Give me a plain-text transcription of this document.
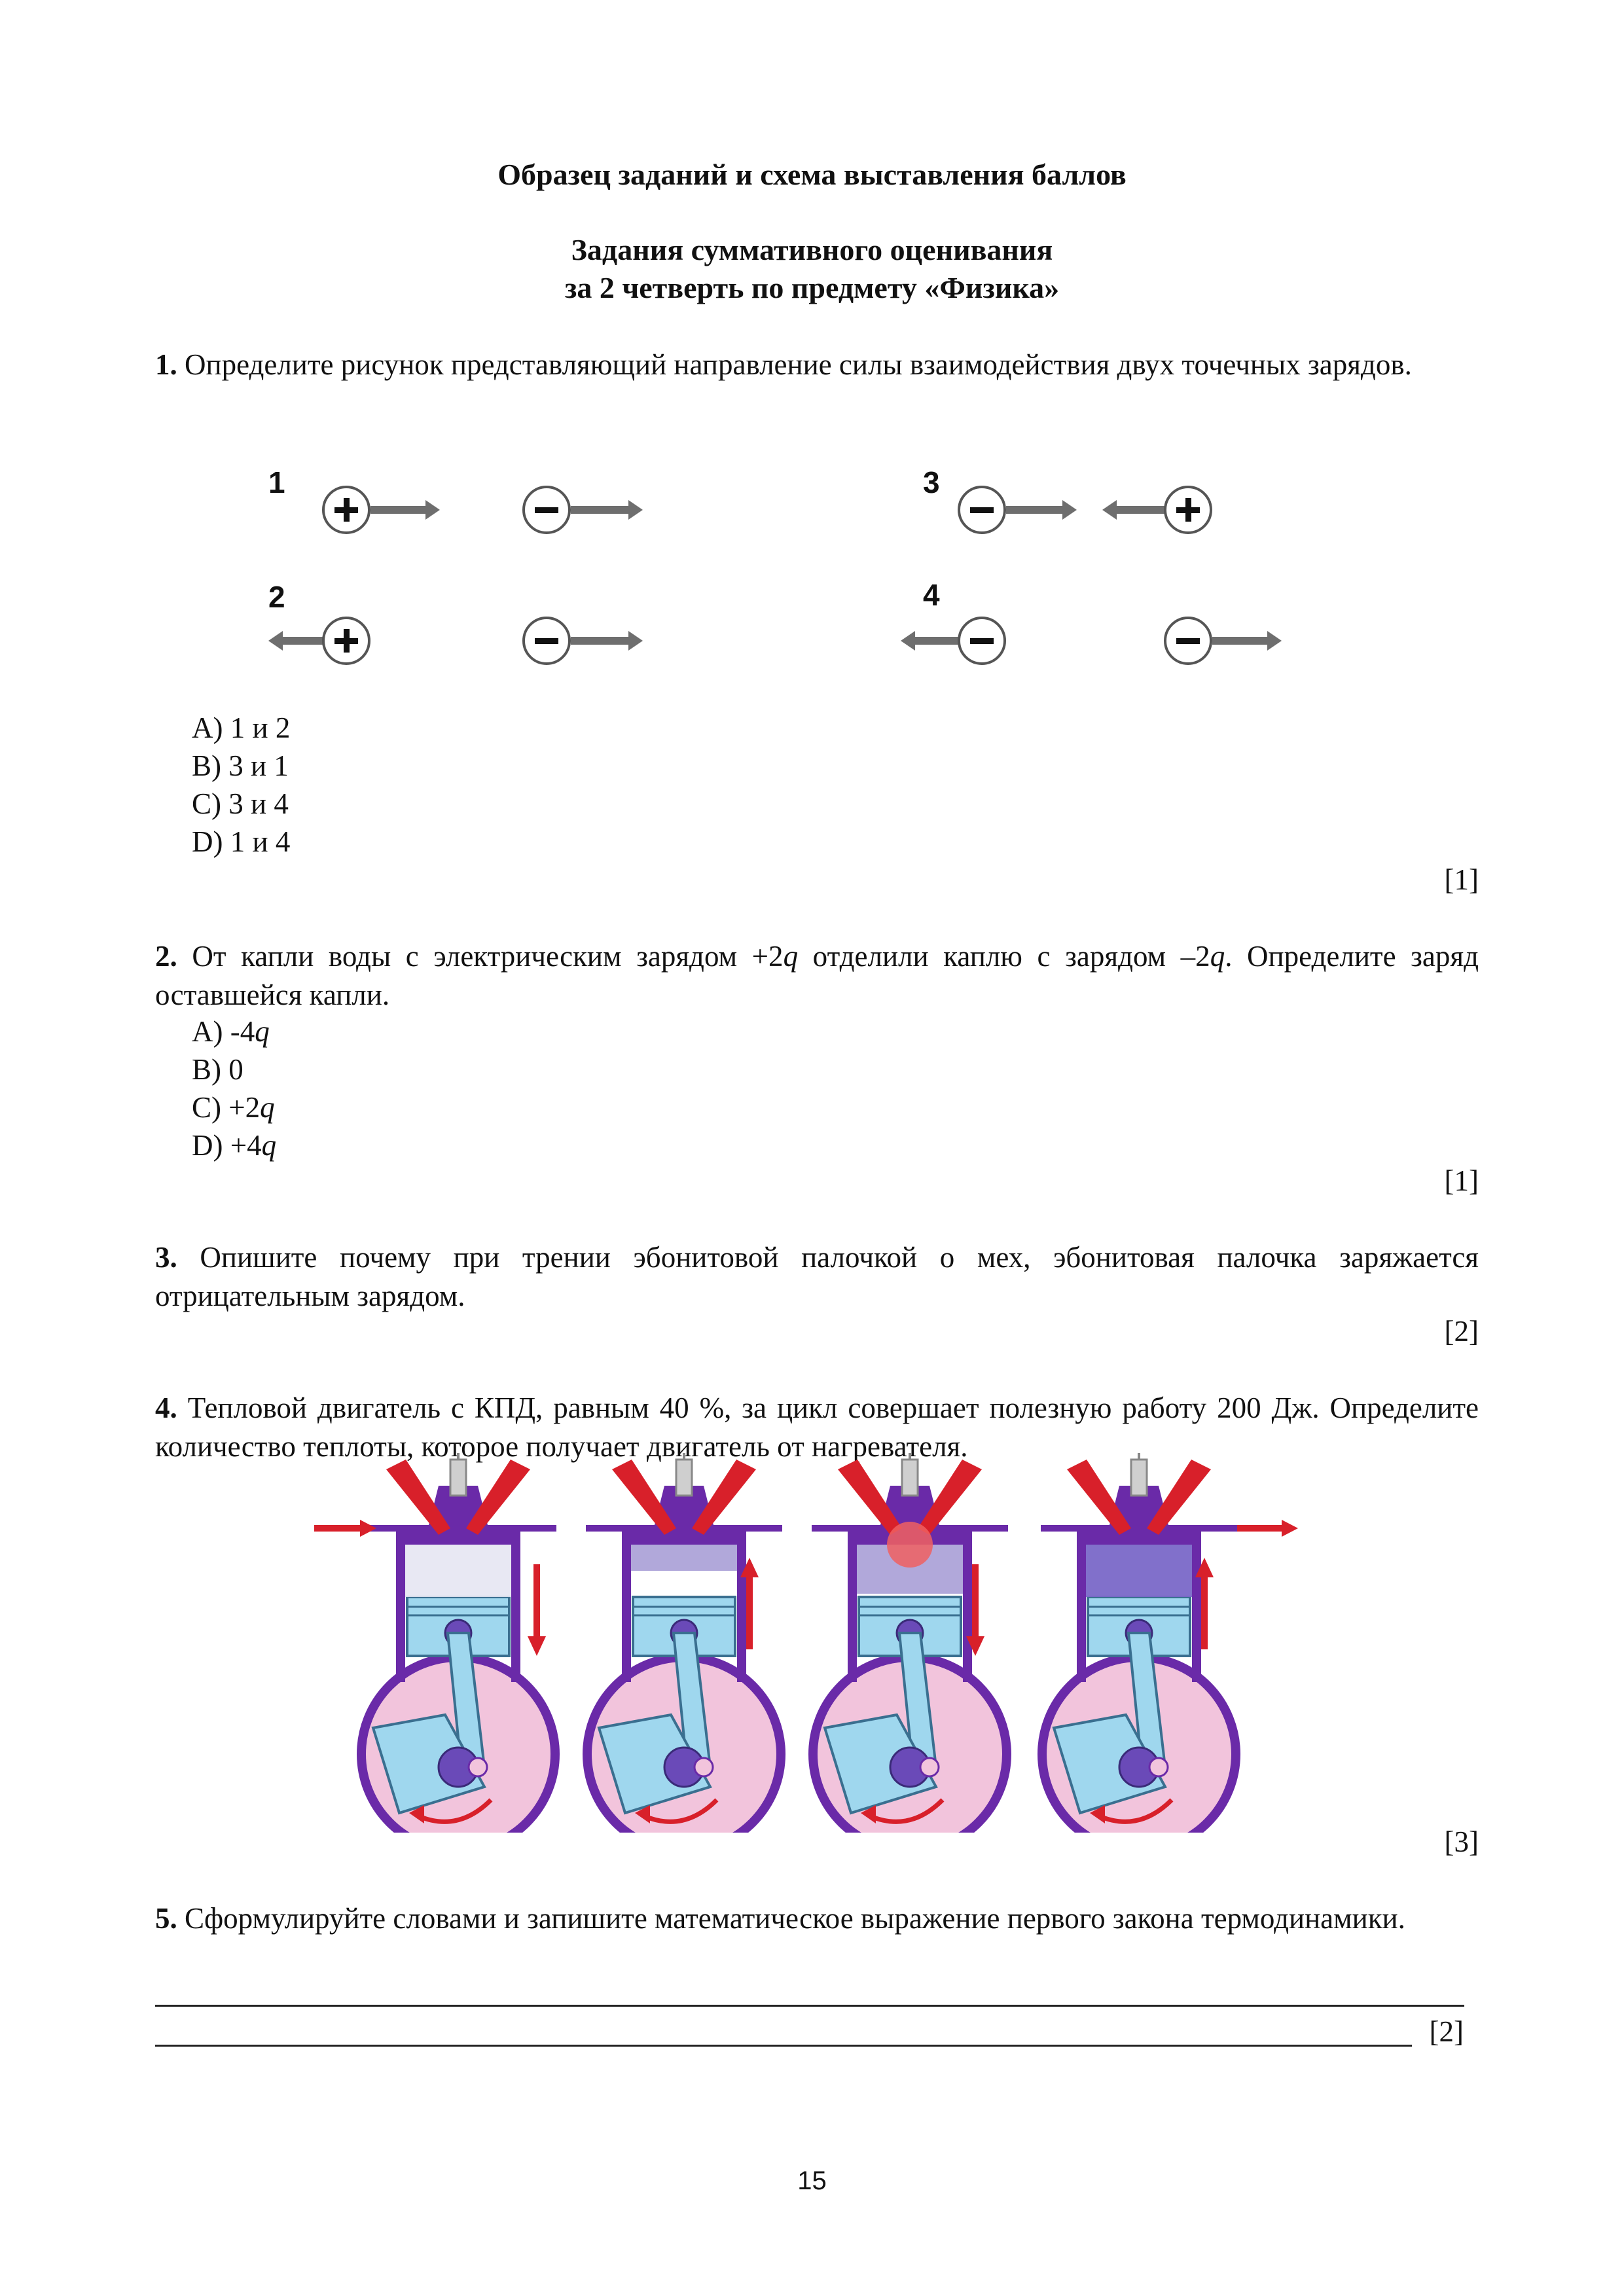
Образец заданий и схема выставления баллов
Задания суммативного оценивания
за 2 четверть по предмету «Физика»
1. Определите рисунок представляющий направление силы взаимодействия двух точечных зарядов.
1
2
3
4
A) 1 и 2
B) 3 и 1
C) 3 и 4
D) 1 и 4
[1]
2. От капли воды с электрическим зарядом +2q отделили каплю с зарядом –2q. Определите заряд оставшейся капли.
A) -4q
B) 0
C) +2q
D) +4q
[1]
3. Опишите почему при трении эбонитовой палочкой о мех, эбонитовая палочка заряжается отрицательным зарядом.
[2]
4. Тепловой двигатель с КПД, равным 40 %, за цикл совершает полезную работу 200 Дж. Определите количество теплоты, которое получает двигатель от нагревателя.
[3]
5. Сформулируйте словами и запишите математическое выражение первого закона термодинамики.
[2]
15
